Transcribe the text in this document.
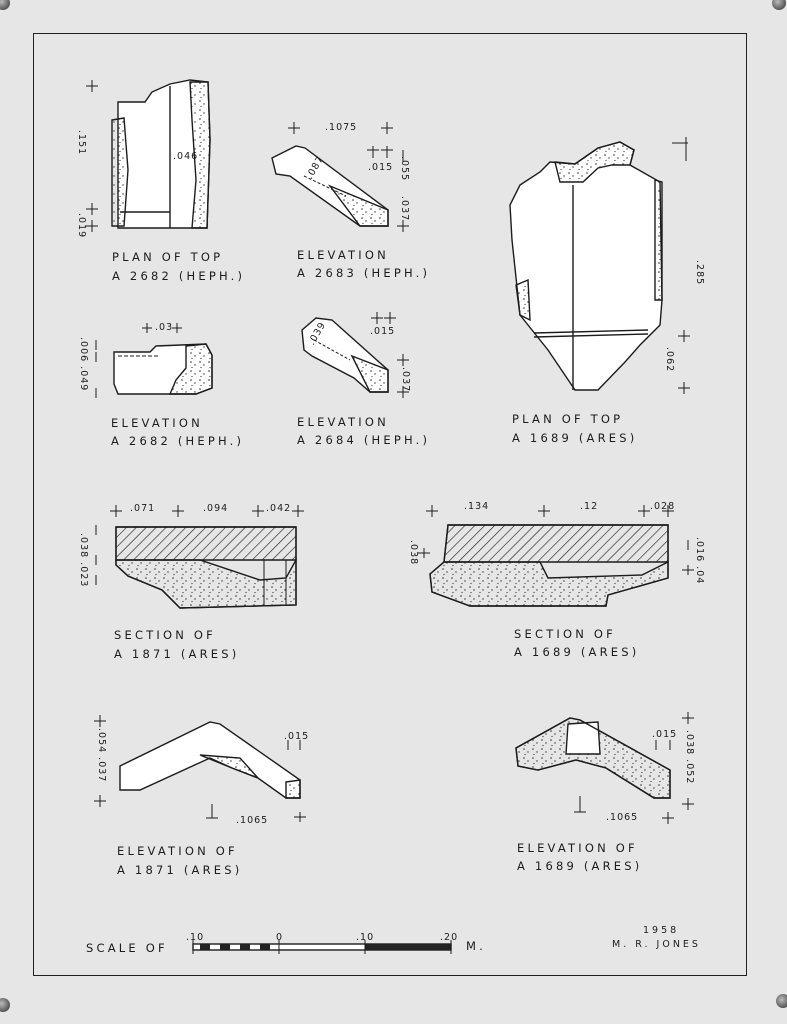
PLAN OF TOP
A 2682 (HEPH.)
ELEVATION
A 2683 (HEPH.)
PLAN OF TOP
A 1689 (ARES)
ELEVATION
A 2682 (HEPH.)
ELEVATION
A 2684 (HEPH.)
SECTION OF
A 1871 (ARES)
SECTION OF
A 1689 (ARES)
ELEVATION OF
A 1871 (ARES)
ELEVATION OF
A 1689 (ARES)
.151
.046
.019
.1075
.087	.015 .055
.037
.285
.062
.03
.006 .049
.039	.015
.037
.071	.094	.042
.038 .023
.134	.12	.028
.038	.016 .04
.054 .037	.015
.1065
.015 .038 .052
.1065
SCALE OF
.10	0	.10	.20
M.
1958
M. R. JONES
